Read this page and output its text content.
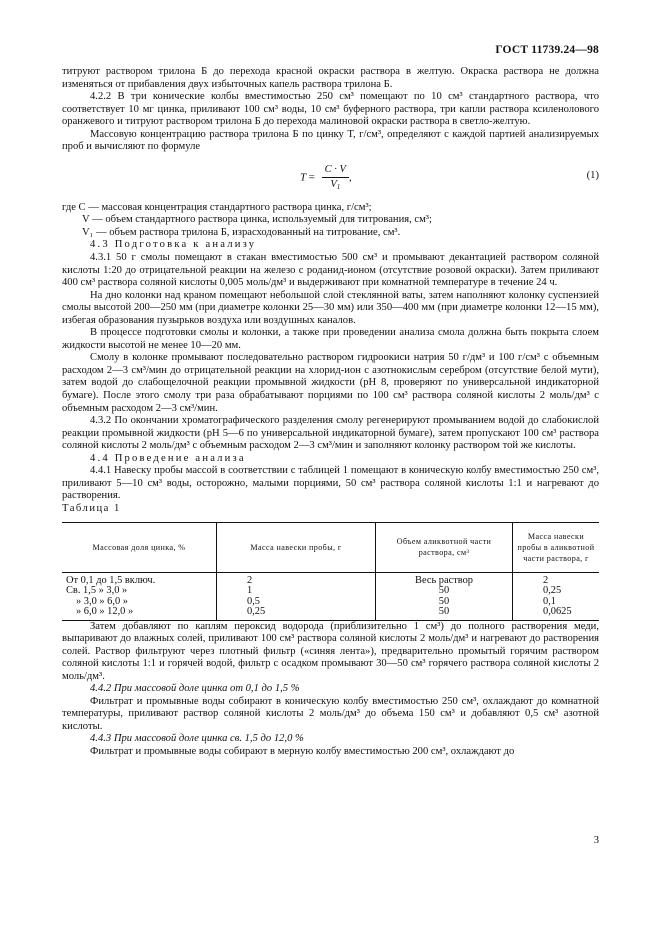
ГОСТ 11739.24—98

титруют раствором трилона Б до перехода красной окраски раствора в желтую. Окраска раствора не должна изменяться от прибавления двух избыточных капель раствора трилона Б.

4.2.2 В три конические колбы вместимостью 250 см³ помещают по 10 см³ стандартного раствора, что соответствует 10 мг цинка, приливают 100 см³ воды, 10 см³ буферного раствора, три капли раствора ксиленолового оранжевого и титруют раствором трилона Б до перехода малиновой окраски раствора в светло-желтую.

Массовую концентрацию раствора трилона Б по цинку T, г/см³, определяют с каждой партией анализируемых проб и вычисляют по формуле

$T = \frac{C \cdot V}{V_1}$ ,	(1)

где C — массовая концентрация стандартного раствора цинка, г/см³;

V — объем стандартного раствора цинка, используемый для титрования, см³;

V₁ — объем раствора трилона Б, израсходованный на титрование, см³.

4.3 Подготовка к анализу

4.3.1 50 г смолы помещают в стакан вместимостью 500 см³ и промывают декантацией раствором соляной кислоты 1:20 до отрицательной реакции на железо с роданид-ионом (отсутствие розовой окраски). Затем приливают 400 см³ раствора соляной кислоты 0,005 моль/дм³ и выдерживают при комнатной температуре в течение 24 ч.

На дно колонки над краном помещают небольшой слой стеклянной ваты, затем наполняют колонку суспензией смолы высотой 200—250 мм (при диаметре колонки 25—30 мм) или 350—400 мм (при диаметре колонки 12—15 мм), избегая образования пузырьков воздуха или воздушных каналов.

В процессе подготовки смолы и колонки, а также при проведении анализа смола должна быть покрыта слоем жидкости высотой не менее 10—20 мм.

Смолу в колонке промывают последовательно раствором гидроокиси натрия 50 г/дм³ и 100 г/см³ с объемным расходом 2—3 см³/мин до отрицательной реакции на хлорид-ион с азотнокислым серебром (отсутствие белой мути), затем водой до слабощелочной реакции промывной жидкости (pH 8, проверяют по универсальной индикаторной бумаге). После этого смолу три раза обрабатывают порциями по 100 см³ раствора соляной кислоты 2 моль/дм³ с объемным расходом 2—3 см³/мин.

4.3.2 По окончании хроматографического разделения смолу регенерируют промыванием водой до слабокислой реакции промывной жидкости (pH 5—6 по универсальной индикаторной бумаге), затем пропускают 100 см³ раствора соляной кислоты 2 моль/дм³ с объемным расходом 2—3 см³/мин и заполняют колонку раствором той же кислоты.

4.4 Проведение анализа

4.4.1 Навеску пробы массой в соответствии с таблицей 1 помещают в коническую колбу вместимостью 250 см³, приливают 5—10 см³ воды, осторожно, малыми порциями, 50 см³ раствора соляной кислоты 1:1 и нагревают до растворения.

Таблица 1

Массовая доля цинка, %	Масса навески пробы, г	Объем аликвотной части раствора, см³	Масса навески пробы в аликвотной части раствора, г
От 0,1 до 1,5 включ.	2	Весь раствор	2
Св. 1,5 » 3,0 »	1	50	0,25
» 3,0 » 6,0 »	0,5	50	0,1
» 6,0 » 12,0 »	0,25	50	0,0625

Затем добавляют по каплям пероксид водорода (приблизительно 1 см³) до полного растворения меди, выпаривают до влажных солей, приливают 100 см³ раствора соляной кислоты 2 моль/дм³ и нагревают до растворения солей. Раствор фильтруют через плотный фильтр («синяя лента»), предварительно промытый горячим раствором соляной кислоты 1:1 и горячей водой, фильтр с осадком промывают 30—50 см³ горячего раствора соляной кислоты 2 моль/дм³.

4.4.2 При массовой доле цинка от 0,1 до 1,5 %

Фильтрат и промывные воды собирают в коническую колбу вместимостью 250 см³, охлаждают до комнатной температуры, приливают раствор соляной кислоты 2 моль/дм³ до объема 150 см³ и добавляют 0,5 см³ азотной кислоты.

4.4.3 При массовой доле цинка св. 1,5 до 12,0 %

Фильтрат и промывные воды собирают в мерную колбу вместимостью 200 см³, охлаждают до

3
